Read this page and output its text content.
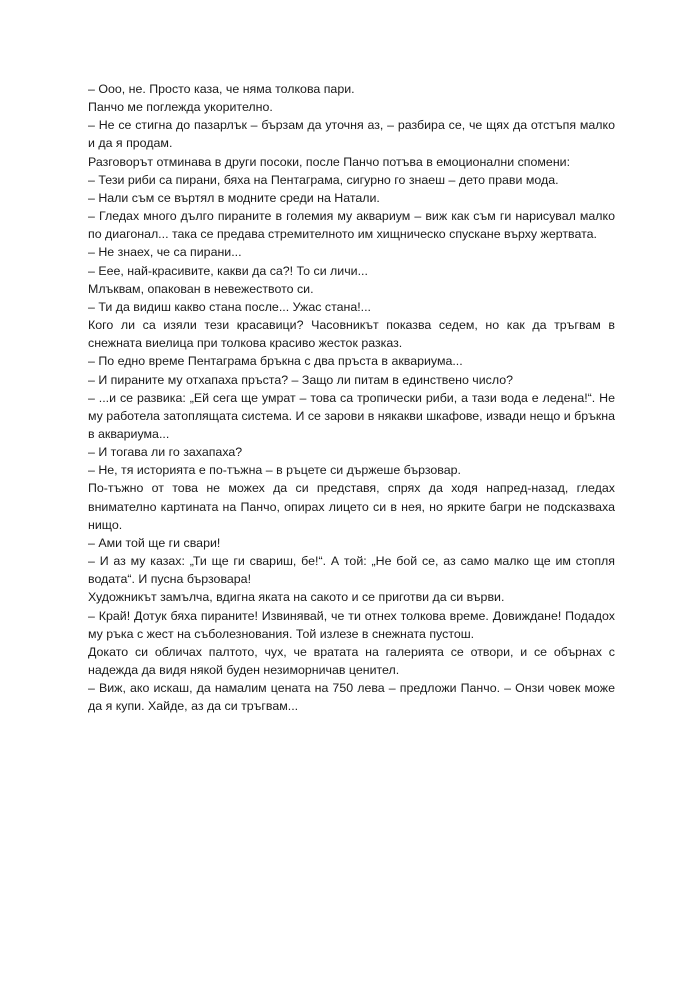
– Ооо, не. Просто каза, че няма толкова пари.

Панчо ме поглежда укорително.

– Не се стигна до пазарлък – бързам да уточня аз, – разбира се, че щях да отстъпя малко и да я продам.

Разговорът отминава в други посоки, после Панчо потъва в емоционални спомени:

– Тези риби са пирани, бяха на Пентаграма, сигурно го знаеш – дето прави мода.

– Нали съм се въртял в модните среди на Натали.

– Гледах много дълго пираните в големия му аквариум – виж как съм ги нарисувал малко по диагонал... така се предава стремителното им хищническо спускане върху жертвата.

– Не знаех, че са пирани...

– Еее, най-красивите, какви да са?! То си личи...

Млъквам, опакован в невежеството си.

– Ти да видиш какво стана после... Ужас стана!...

Кого ли са изяли тези красавици? Часовникът показва седем, но как да тръгвам в снежната виелица при толкова красиво жесток разказ.

– По едно време Пентаграма бръкна с два пръста в аквариума...

– И пираните му отхапаха пръста? – Защо ли питам в единствено число?

– ...и се развика: „Ей сега ще умрат – това са тропически риби, а тази вода е ледена!“. Не му работела затоплящата система. И се зарови в някакви шкафове, извади нещо и бръкна в аквариума...

– И тогава ли го захапаха?

– Не, тя историята е по-тъжна – в ръцете си държеше бързовар.

По-тъжно от това не можех да си представя, спрях да ходя напред-назад, гледах внимателно картината на Панчо, опирах лицето си в нея, но ярките багри не подсказваха нищо.

– Ами той ще ги свари!

– И аз му казах: „Ти ще ги свариш, бе!“. А той: „Не бой се, аз само малко ще им стопля водата“. И пусна бързовара!

Художникът замълча, вдигна яката на сакото и се приготви да си върви.

– Край! Дотук бяха пираните! Извинявай, че ти отнех толкова време. Довиждане! Подадох му ръка с жест на съболезнования. Той излезе в снежната пустош.

Докато си обличах палтото, чух, че вратата на галерията се отвори, и се обърнах с надежда да видя някой буден незиморничав ценител.

– Виж, ако искаш, да намалим цената на 750 лева – предложи Панчо. – Онзи човек може да я купи. Хайде, аз да си тръгвам...
